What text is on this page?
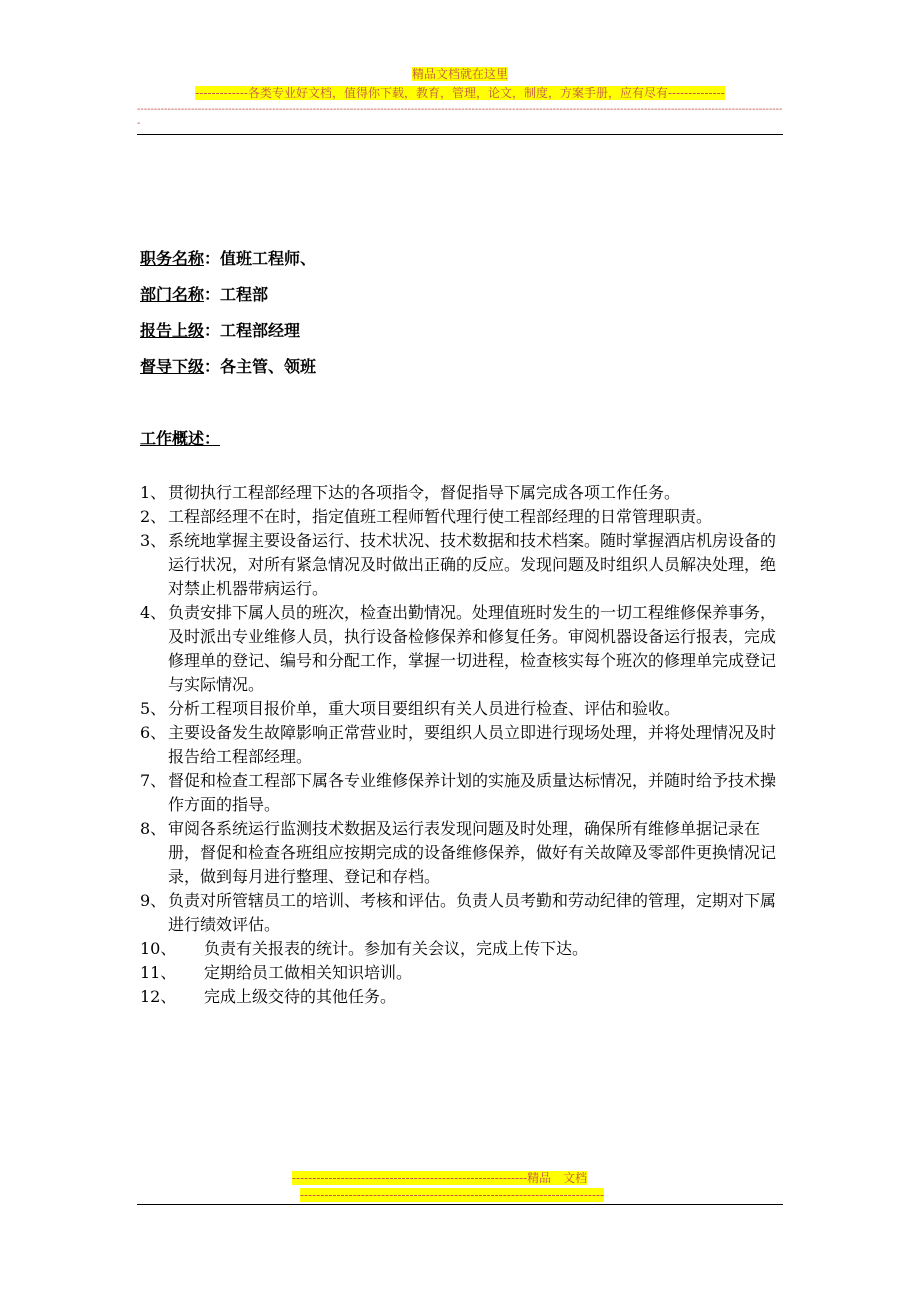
精品文档就在这里
-------------各类专业好文档，值得你下载，教育，管理，论文，制度，方案手册，应有尽有--------------
------------------------------------------------------------------------------------------------------------------------------------------------------------------------------------------------
职务名称：值班工程师、
部门名称：工程部
报告上级：工程部经理
督导下级：各主管、领班
工作概述：
1、 贯彻执行工程部经理下达的各项指令，督促指导下属完成各项工作任务。
2、 工程部经理不在时，指定值班工程师暂代理行使工程部经理的日常管理职责。
3、 系统地掌握主要设备运行、技术状况、技术数据和技术档案。随时掌握酒店机房设备的运行状况，对所有紧急情况及时做出正确的反应。发现问题及时组织人员解决处理，绝对禁止机器带病运行。
4、 负责安排下属人员的班次，检查出勤情况。处理值班时发生的一切工程维修保养事务，及时派出专业维修人员，执行设备检修保养和修复任务。审阅机器设备运行报表，完成修理单的登记、编号和分配工作，掌握一切进程，检查核实每个班次的修理单完成登记与实际情况。
5、 分析工程项目报价单，重大项目要组织有关人员进行检查、评估和验收。
6、 主要设备发生故障影响正常营业时，要组织人员立即进行现场处理，并将处理情况及时报告给工程部经理。
7、 督促和检查工程部下属各专业维修保养计划的实施及质量达标情况，并随时给予技术操作方面的指导。
8、 审阅各系统运行监测技术数据及运行表发现问题及时处理，确保所有维修单据记录在册，督促和检查各班组应按期完成的设备维修保养，做好有关故障及零部件更换情况记录，做到每月进行整理、登记和存档。
9、 负责对所管辖员工的培训、考核和评估。负责人员考勤和劳动纪律的管理，定期对下属进行绩效评估。
10、 负责有关报表的统计。参加有关会议，完成上传下达。
11、 定期给员工做相关知识培训。
12、 完成上级交待的其他任务。
----------------------------------------------------------精品　文档
---------------------------------------------------------------------------
